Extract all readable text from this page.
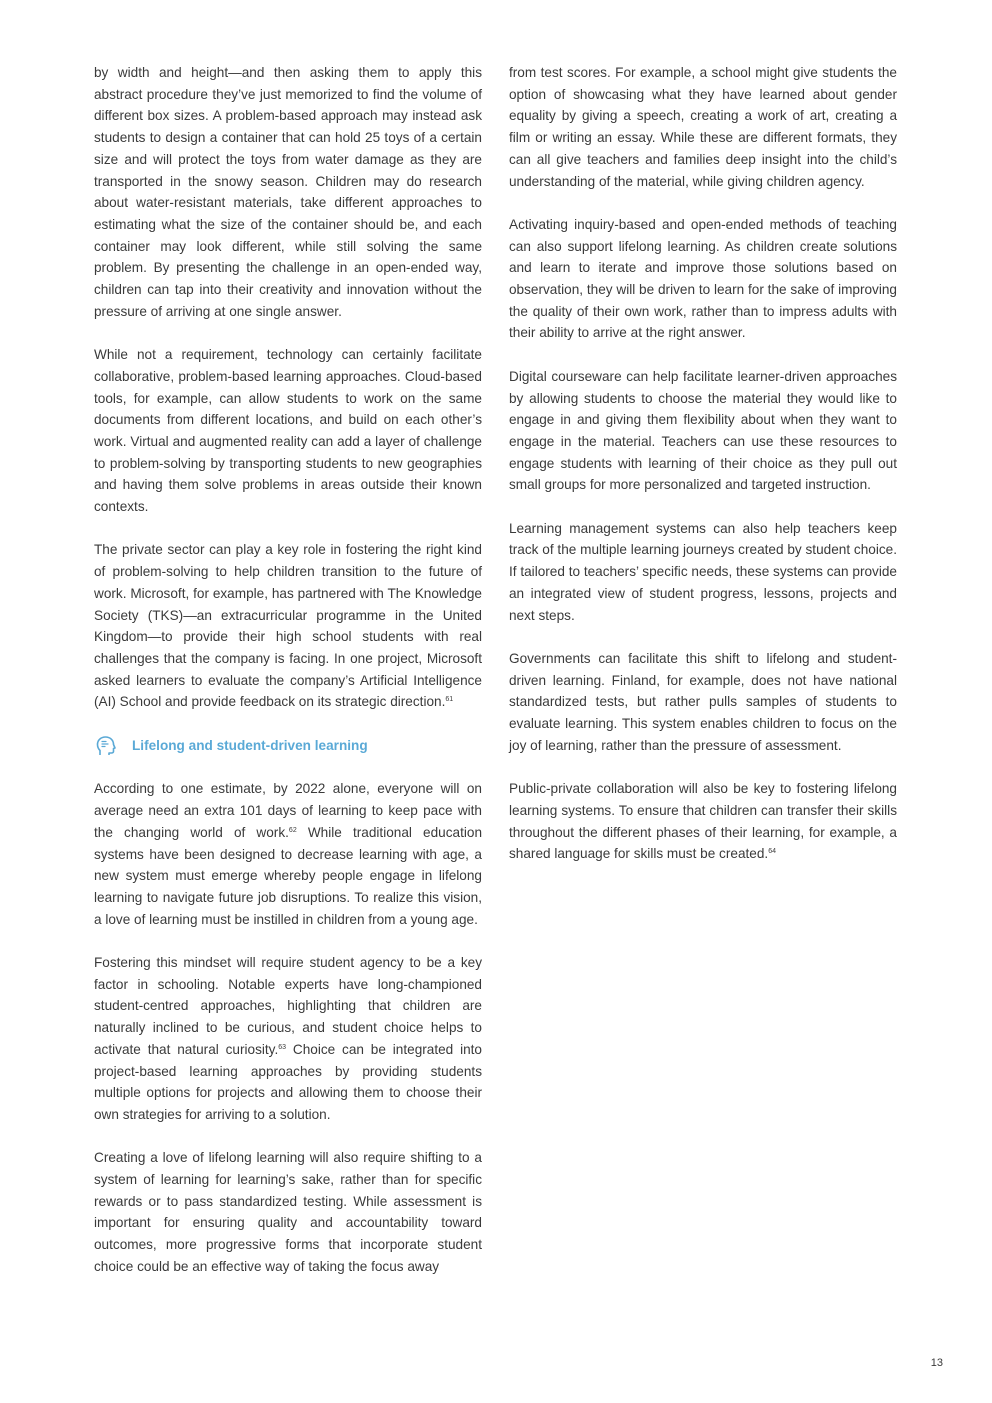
by width and height—and then asking them to apply this abstract procedure they’ve just memorized to find the volume of different box sizes. A problem-based approach may instead ask students to design a container that can hold 25 toys of a certain size and will protect the toys from water damage as they are transported in the snowy season. Children may do research about water-resistant materials, take different approaches to estimating what the size of the container should be, and each container may look different, while still solving the same problem. By presenting the challenge in an open-ended way, children can tap into their creativity and innovation without the pressure of arriving at one single answer.

While not a requirement, technology can certainly facilitate collaborative, problem-based learning approaches. Cloud-based tools, for example, can allow students to work on the same documents from different locations, and build on each other’s work. Virtual and augmented reality can add a layer of challenge to problem-solving by transporting students to new geographies and having them solve problems in areas outside their known contexts.

The private sector can play a key role in fostering the right kind of problem-solving to help children transition to the future of work. Microsoft, for example, has partnered with The Knowledge Society (TKS)—an extracurricular programme in the United Kingdom—to provide their high school students with real challenges that the company is facing. In one project, Microsoft asked learners to evaluate the company’s Artificial Intelligence (AI) School and provide feedback on its strategic direction.$^{61}$

Lifelong and student-driven learning

According to one estimate, by 2022 alone, everyone will on average need an extra 101 days of learning to keep pace with the changing world of work.$^{62}$ While traditional education systems have been designed to decrease learning with age, a new system must emerge whereby people engage in lifelong learning to navigate future job disruptions. To realize this vision, a love of learning must be instilled in children from a young age.

Fostering this mindset will require student agency to be a key factor in schooling. Notable experts have long-championed student-centred approaches, highlighting that children are naturally inclined to be curious, and student choice helps to activate that natural curiosity.$^{63}$ Choice can be integrated into project-based learning approaches by providing students multiple options for projects and allowing them to choose their own strategies for arriving to a solution.

Creating a love of lifelong learning will also require shifting to a system of learning for learning’s sake, rather than for specific rewards or to pass standardized testing. While assessment is important for ensuring quality and accountability toward outcomes, more progressive forms that incorporate student choice could be an effective way of taking the focus away

from test scores. For example, a school might give students the option of showcasing what they have learned about gender equality by giving a speech, creating a work of art, creating a film or writing an essay. While these are different formats, they can all give teachers and families deep insight into the child’s understanding of the material, while giving children agency.

Activating inquiry-based and open-ended methods of teaching can also support lifelong learning. As children create solutions and learn to iterate and improve those solutions based on observation, they will be driven to learn for the sake of improving the quality of their own work, rather than to impress adults with their ability to arrive at the right answer.

Digital courseware can help facilitate learner-driven approaches by allowing students to choose the material they would like to engage in and giving them flexibility about when they want to engage in the material. Teachers can use these resources to engage students with learning of their choice as they pull out small groups for more personalized and targeted instruction.

Learning management systems can also help teachers keep track of the multiple learning journeys created by student choice. If tailored to teachers’ specific needs, these systems can provide an integrated view of student progress, lessons, projects and next steps.

Governments can facilitate this shift to lifelong and student-driven learning. Finland, for example, does not have national standardized tests, but rather pulls samples of students to evaluate learning. This system enables children to focus on the joy of learning, rather than the pressure of assessment.

Public-private collaboration will also be key to fostering lifelong learning systems. To ensure that children can transfer their skills throughout the different phases of their learning, for example, a shared language for skills must be created.$^{64}$

13
